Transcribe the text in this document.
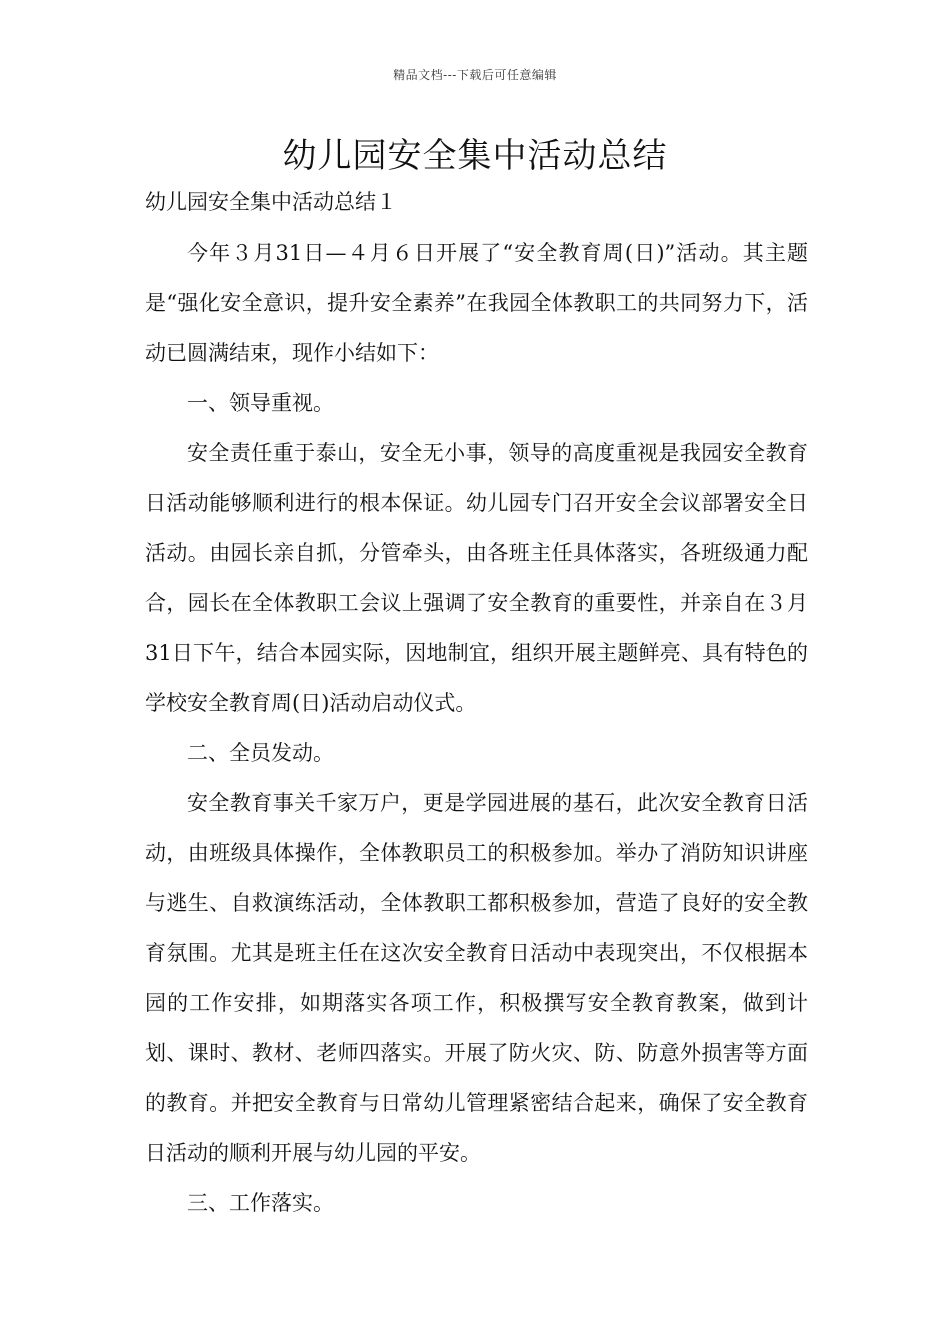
精品文档---下载后可任意编辑
幼儿园安全集中活动总结
幼儿园安全集中活动总结１

今年３月31日—４月６日开展了“安全教育周(日)”活动。其主题是“强化安全意识，提升安全素养”在我园全体教职工的共同努力下，活动已圆满结束，现作小结如下：

一、领导重视。

安全责任重于泰山，安全无小事，领导的高度重视是我园安全教育日活动能够顺利进行的根本保证。幼儿园专门召开安全会议部署安全日活动。由园长亲自抓，分管牵头，由各班主任具体落实，各班级通力配合，园长在全体教职工会议上强调了安全教育的重要性，并亲自在３月31日下午，结合本园实际，因地制宜，组织开展主题鲜亮、具有特色的学校安全教育周(日)活动启动仪式。

二、全员发动。

安全教育事关千家万户，更是学园进展的基石，此次安全教育日活动，由班级具体操作，全体教职员工的积极参加。举办了消防知识讲座与逃生、自救演练活动，全体教职工都积极参加，营造了良好的安全教育氛围。尤其是班主任在这次安全教育日活动中表现突出，不仅根据本园的工作安排，如期落实各项工作，积极撰写安全教育教案，做到计划、课时、教材、老师四落实。开展了防火灾、防、防意外损害等方面的教育。并把安全教育与日常幼儿管理紧密结合起来，确保了安全教育日活动的顺利开展与幼儿园的平安。

三、工作落实。
